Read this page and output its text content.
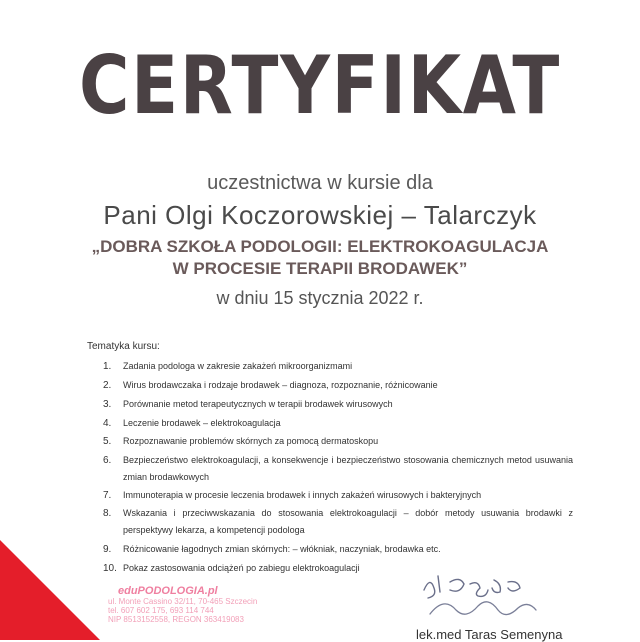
CERTYFIKAT
uczestnictwa w kursie dla
Pani Olgi Koczorowskiej – Talarczyk
„DOBRA SZKOŁA PODOLOGII: ELEKTROKOAGULACJA
W PROCESIE TERAPII BRODAWEK”
w dniu 15 stycznia 2022 r.
Tematyka kursu:
1. Zadania podologa w zakresie zakażeń mikroorganizmami
2. Wirus brodawczaka i rodzaje brodawek – diagnoza, rozpoznanie, różnicowanie
3. Porównanie metod terapeutycznych w terapii brodawek wirusowych
4. Leczenie brodawek – elektrokoagulacja
5. Rozpoznawanie problemów skórnych za pomocą dermatoskopu
6. Bezpieczeństwo elektrokoagulacji, a konsekwencje i bezpieczeństwo stosowania chemicznych metod usuwania zmian brodawkowych
7. Immunoterapia w procesie leczenia brodawek i innych zakażeń wirusowych i bakteryjnych
8. Wskazania i przeciwwskazania do stosowania elektrokoagulacji – dobór metody usuwania brodawki z perspektywy lekarza, a kompetencji podologa
9. Różnicowanie łagodnych zmian skórnych: – włókniak, naczyniak, brodawka etc.
10. Pokaz zastosowania odciążeń po zabiegu elektrokoagulacji
eduPODOLOGIA.pl
ul. Monte Cassino 32/11, 70-465 Szczecin
tel. 607 602 175, 693 114 744
NIP 8513152558, REGON 363419083
lek.med Taras Semenyna
